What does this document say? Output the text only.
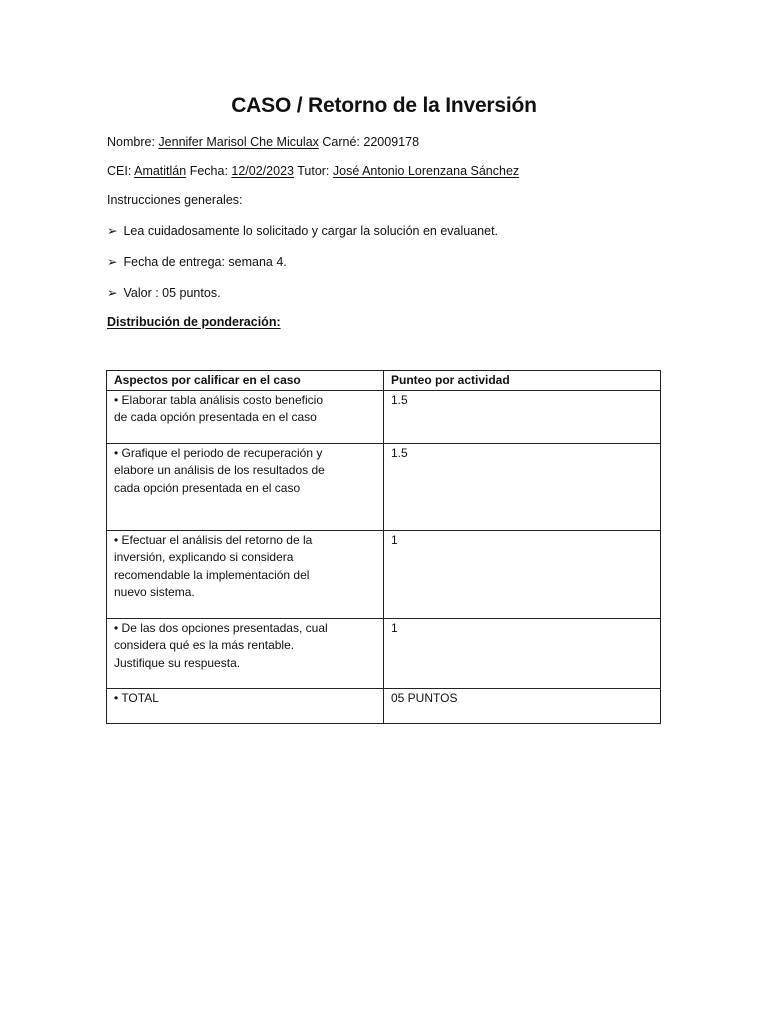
CASO / Retorno de la Inversión
Nombre: Jennifer Marisol Che Miculax Carné: 22009178
CEI: Amatitlán Fecha: 12/02/2023 Tutor: José Antonio Lorenzana Sánchez
Instrucciones generales:
➢ Lea cuidadosamente lo solicitado y cargar la solución en evaluanet.
➢ Fecha de entrega: semana 4.
➢ Valor : 05 puntos.
Distribución de ponderación:
Aspectos por calificar en el caso	Punteo por actividad

• Elaborar tabla análisis costo beneficio de cada opción presentada en el caso	1.5

• Grafique el periodo de recuperación y elabore un análisis de los resultados de cada opción presentada en el caso	1.5

• Efectuar el análisis del retorno de la inversión, explicando si considera recomendable la implementación del nuevo sistema.	1

• De las dos opciones presentadas, cual considera qué es la más rentable. Justifique su respuesta.	1

• TOTAL	05 PUNTOS
